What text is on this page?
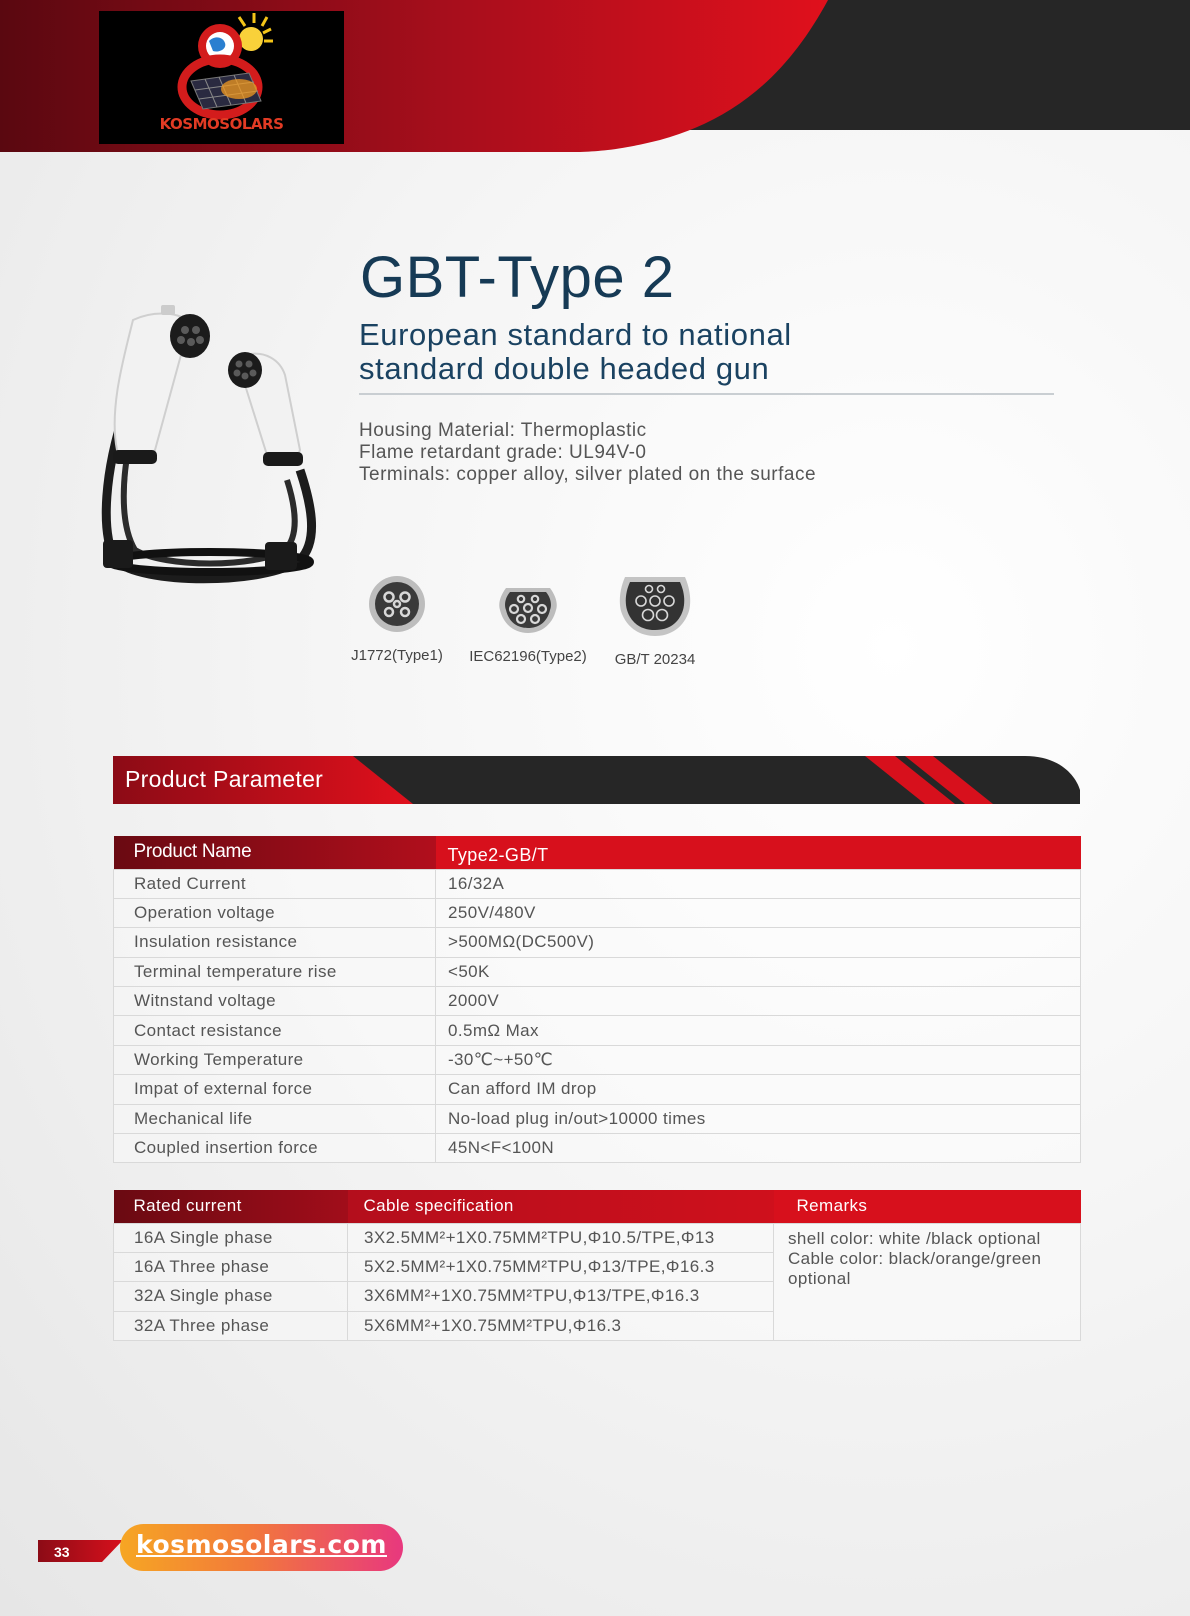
KOSMOSOLARS
GBT-Type 2
European standard to national
standard double headed gun
Housing Material: Thermoplastic
Flame retardant grade: UL94V-0
Terminals: copper alloy, silver plated on the surface
J1772(Type1)	IEC62196(Type2)	GB/T 20234
Product Parameter
Product Name	Type2-GB/T
Rated Current	16/32A
Operation voltage	250V/480V
Insulation resistance	>500MΩ(DC500V)
Terminal temperature rise	<50K
Witnstand voltage	2000V
Contact resistance	0.5mΩ Max
Working Temperature	-30℃~+50℃
Impat of external force	Can afford IM drop
Mechanical life	No-load plug in/out>10000 times
Coupled insertion force	45N<F<100N
Rated current	Cable specification	Remarks
16A Single phase	3X2.5MM²+1X0.75MM²TPU,Φ10.5/TPE,Φ13	shell color: white /black optional
Cable color: black/orange/green optional

16A Three phase	5X2.5MM²+1X0.75MM²TPU,Φ13/TPE,Φ16.3	
32A Single phase	3X6MM²+1X0.75MM²TPU,Φ13/TPE,Φ16.3	
32A Three phase	5X6MM²+1X0.75MM²TPU,Φ16.3	
33	kosmosolars.com
